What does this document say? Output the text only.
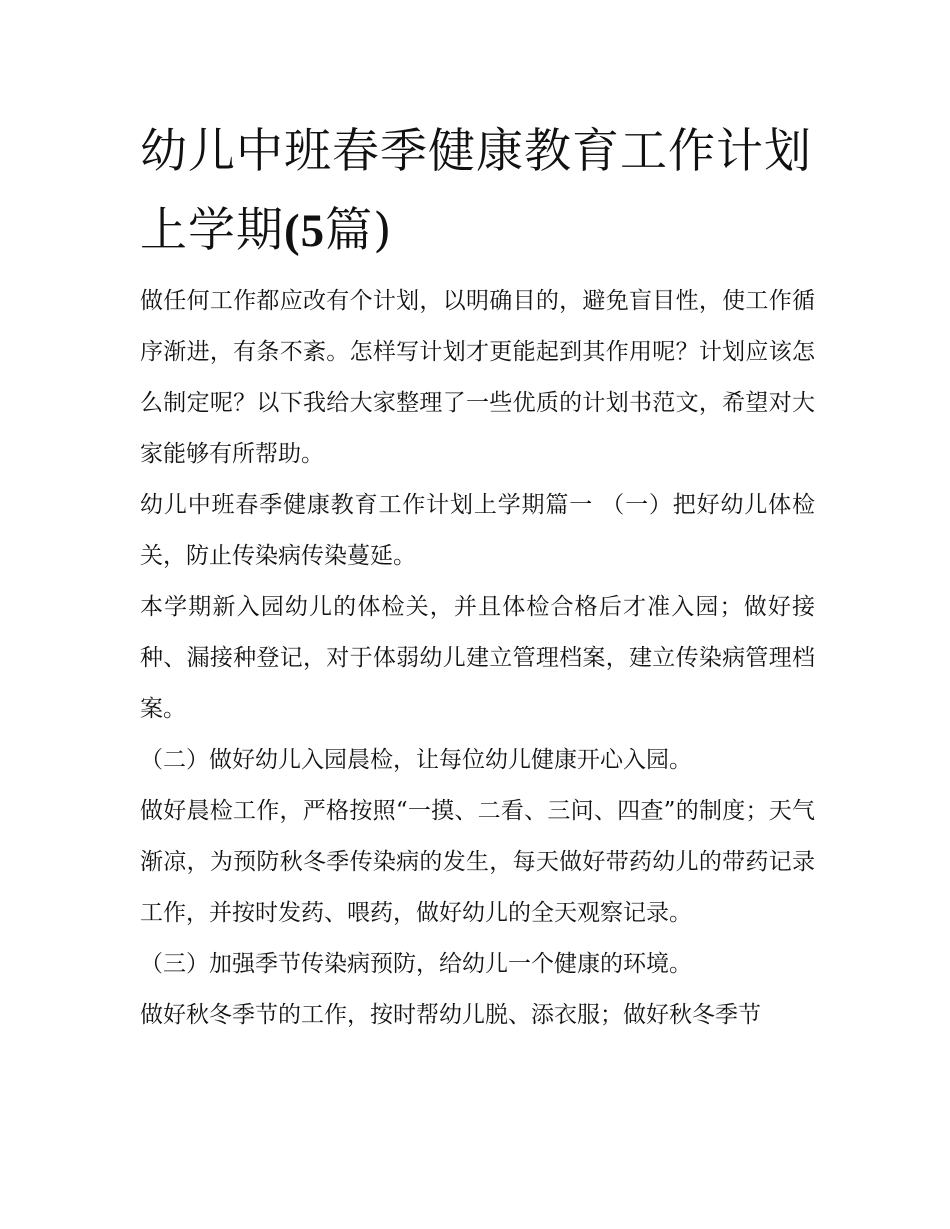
幼儿中班春季健康教育工作计划上学期(5篇)

做任何工作都应改有个计划，以明确目的，避免盲目性，使工作循序渐进，有条不紊。怎样写计划才更能起到其作用呢？计划应该怎么制定呢？以下我给大家整理了一些优质的计划书范文，希望对大家能够有所帮助。

幼儿中班春季健康教育工作计划上学期篇一 （一）把好幼儿体检关，防止传染病传染蔓延。

本学期新入园幼儿的体检关，并且体检合格后才准入园；做好接种、漏接种登记，对于体弱幼儿建立管理档案，建立传染病管理档案。

（二）做好幼儿入园晨检，让每位幼儿健康开心入园。

做好晨检工作，严格按照“一摸、二看、三问、四查”的制度；天气渐凉，为预防秋冬季传染病的发生，每天做好带药幼儿的带药记录工作，并按时发药、喂药，做好幼儿的全天观察记录。

（三）加强季节传染病预防，给幼儿一个健康的环境。

做好秋冬季节的工作，按时帮幼儿脱、添衣服；做好秋冬季节
